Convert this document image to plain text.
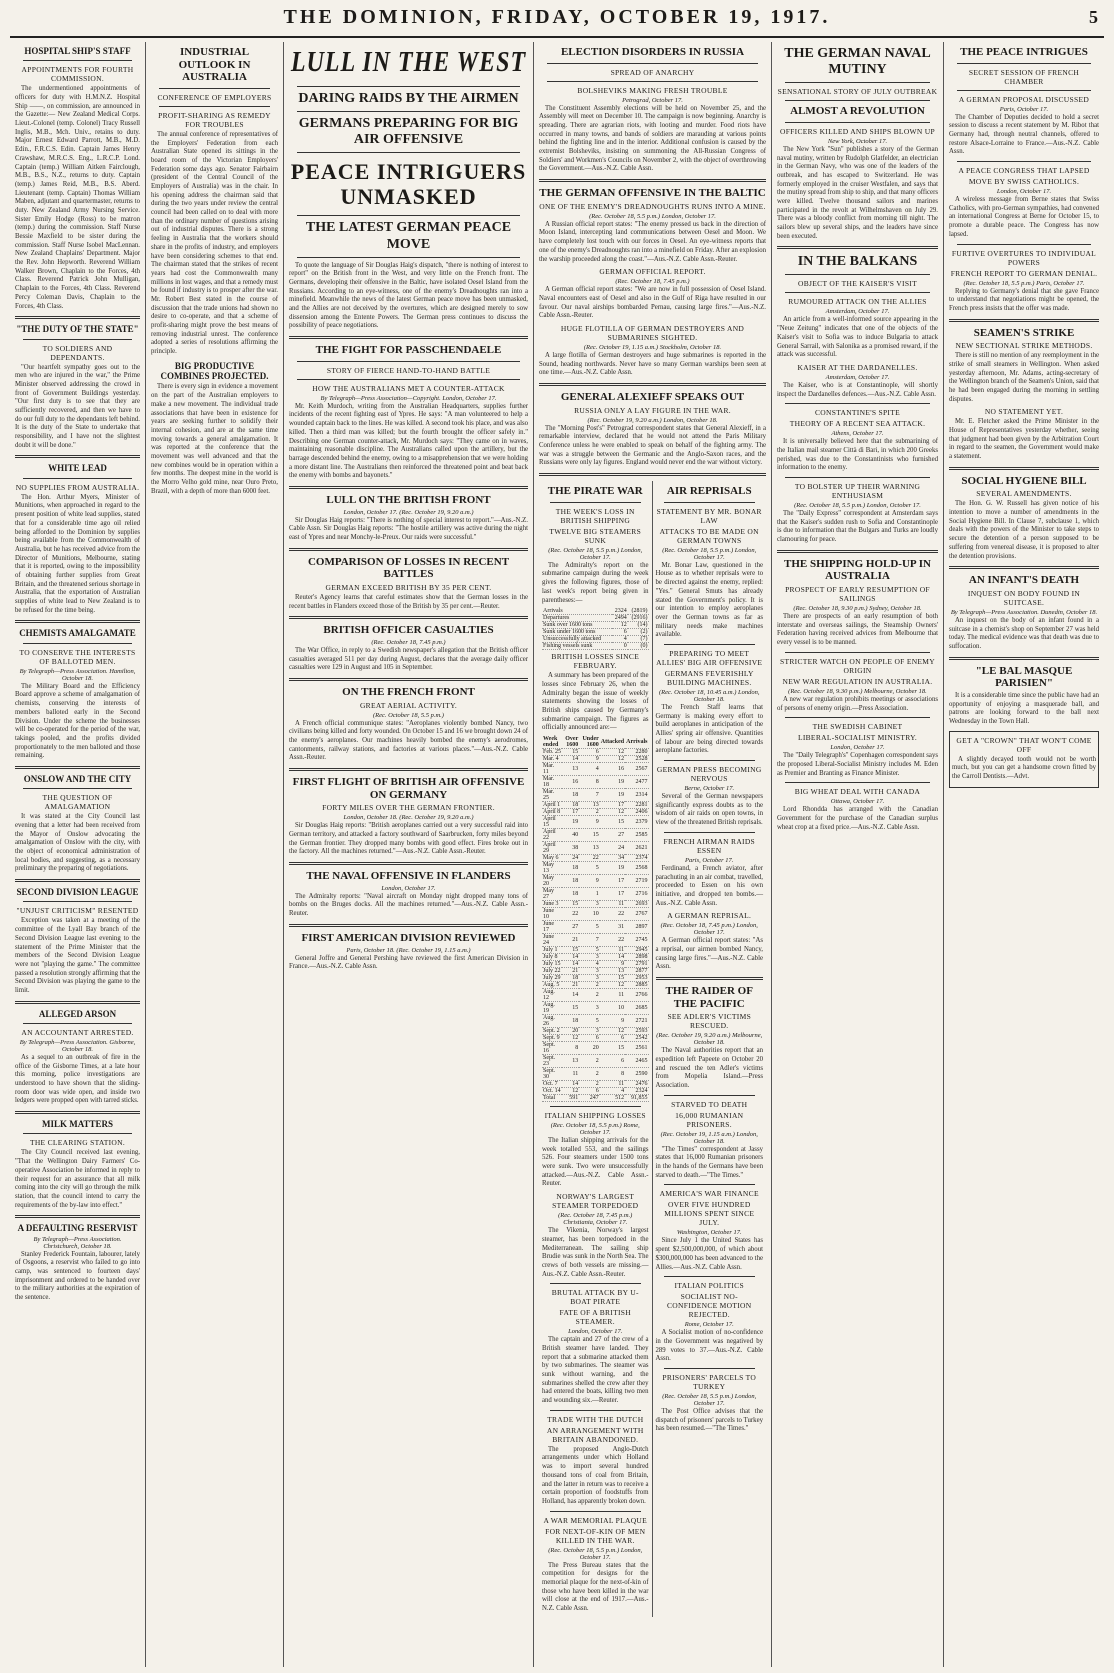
THE DOMINION, FRIDAY, OCTOBER 19, 1917.	5
HOSPITAL SHIP'S STAFF
APPOINTMENTS FOR FOURTH COMMISSION.

The undermentioned appointments of officers for duty with H.M.N.Z. Hospital Ship ——, on commission, are announced in the Gazette:— New Zealand Medical Corps. Lieut.-Colonel (temp. Colonel) Tracy Russell Inglis, M.B., Mch. Univ., retains to duty. Major Ernest Edward Parrott, M.B., M.D. Edin., F.R.C.S. Edin. Captain James Henry Crawshaw, M.R.C.S. Eng., L.R.C.P. Lond. Captain (temp.) William Aitken Fairclough, M.B., B.S., N.Z., returns to duty. Captain (temp.) James Reid, M.B., B.S. Aberd. Lieutenant (temp. Captain) Thomas William Maben, adjutant and quartermaster, returns to duty. New Zealand Army Nursing Service. Sister Emily Hodge (Ross) to be matron (temp.) during the commission. Staff Nurse Bessie Maxfield to be sister during the commission. Staff Nurse Isobel MacLennan. New Zealand Chaplains' Department. Major the Rev. John Hepworth. Reverend William Walker Brown, Chaplain to the Forces, 4th Class. Reverend Patrick John Mulligan, Chaplain to the Forces, 4th Class. Reverend Percy Coleman Davis, Chaplain to the Forces, 4th Class.

"THE DUTY OF THE STATE"
TO SOLDIERS AND DEPENDANTS.

"Our heartfelt sympathy goes out to the men who are injured in the war," the Prime Minister observed addressing the crowd in front of Government Buildings yesterday. "Our first duty is to see that they are sufficiently recovered, and then we have to do our full duty to the dependants left behind. It is the duty of the State to undertake that responsibility, and I have not the slightest doubt it will be done."

WHITE LEAD
NO SUPPLIES FROM AUSTRALIA.

The Hon. Arthur Myers, Minister of Munitions, when approached in regard to the present position of white lead supplies, stated that for a considerable time ago oil relied being afforded to the Dominion by supplies being available from the Commonwealth of Australia, but he has received advice from the Director of Munitions, Melbourne, stating that it is reported, owing to the impossibility of obtaining further supplies from Great Britain, and the threatened serious shortage in Australia, that the exportation of Australian supplies of white lead to New Zealand is to be refused for the time being.

CHEMISTS AMALGAMATE
TO CONSERVE THE INTERESTS OF BALLOTED MEN.
By Telegraph—Press Association. Hamilton, October 18.

The Military Board and the Efficiency Board approve a scheme of amalgamation of chemists, conserving the interests of members balloted early in the Second Division. Under the scheme the businesses will be co-operated for the period of the war, takings pooled, and the profits divided proportionately to the men balloted and those remaining.

ONSLOW AND THE CITY
THE QUESTION OF AMALGAMATION

It was stated at the City Council last evening that a letter had been received from the Mayor of Onslow advocating the amalgamation of Onslow with the city, with the object of economical administration of local bodies, and suggesting, as a necessary preliminary the preparing of negotiations.

SECOND DIVISION LEAGUE
"UNJUST CRITICISM" RESENTED

Exception was taken at a meeting of the committee of the Lyall Bay branch of the Second Division League last evening to the statement of the Prime Minister that the members of the Second Division League were not "playing the game." The committee passed a resolution strongly affirming that the Second Division was playing the game to the limit.

ALLEGED ARSON
AN ACCOUNTANT ARRESTED.
By Telegraph—Press Association. Gisborne, October 18.

As a sequel to an outbreak of fire in the office of the Gisborne Times, at a late hour this morning, police investigations are understood to have shown that the sliding-room door was wide open, and inside two ledgers were propped open with tarred sticks.

MILK MATTERS
THE CLEARING STATION.

The City Council received last evening, "That the Wellington Dairy Farmers' Co-operative Association be informed in reply to their request for an assurance that all milk coming into the city will go through the milk station, that the council intend to carry the requirements of the by-law into effect."

A DEFAULTING RESERVIST
By Telegraph—Press Association. Christchurch, October 18.

Stanley Frederick Fountain, labourer, lately of Osgoons, a reservist who failed to go into camp, was sentenced to fourteen days' imprisonment and ordered to be handed over to the military authorities at the expiration of the sentence.

INDUSTRIAL OUTLOOK IN AUSTRALIA
CONFERENCE OF EMPLOYERS
PROFIT-SHARING AS REMEDY FOR TROUBLES

The annual conference of representatives of the Employers' Federation from each Australian State opened its sittings in the board room of the Victorian Employers' Federation some days ago. Senator Fairbairn (president of the Central Council of the Employers of Australia) was in the chair. In his opening address the chairman said that during the two years under review the central council had been called on to deal with more than the ordinary number of questions arising out of industrial disputes. There is a strong feeling in Australia that the workers should share in the profits of industry, and employers have been considering schemes to that end. The chairman stated that the strikes of recent years had cost the Commonwealth many millions in lost wages, and that a remedy must be found if industry is to prosper after the war. Mr. Robert Best stated in the course of discussion that the trade unions had shown no desire to co-operate, and that a scheme of profit-sharing might prove the best means of removing industrial unrest. The conference adopted a series of resolutions affirming the principle.

BIG PRODUCTIVE COMBINES PROJECTED.

There is every sign in evidence a movement on the part of the Australian employers to make a new movement. The individual trade associations that have been in existence for years are seeking further to solidify their internal cohesion, and are at the same time moving towards a general amalgamation. It was reported at the conference that the movement was well advanced and that the new combines would be in operation within a few months. The deepest mine in the world is the Morro Velho gold mine, near Ouro Preto, Brazil, with a depth of more than 6000 feet.

LULL IN THE WEST
DARING RAIDS BY THE AIRMEN
GERMANS PREPARING FOR BIG AIR OFFENSIVE
PEACE INTRIGUERS UNMASKED
THE LATEST GERMAN PEACE MOVE

To quote the language of Sir Douglas Haig's dispatch, "there is nothing of interest to report" on the British front in the West, and very little on the French front. The Germans, developing their offensive in the Baltic, have isolated Oesel Island from the Russians. According to an eye-witness, one of the enemy's Dreadnoughts ran into a minefield. Meanwhile the news of the latest German peace move has been unmasked, and the Allies are not deceived by the overtures, which are designed merely to sow dissension among the Entente Powers. The German press continues to discuss the possibility of peace negotiations.

THE FIGHT FOR PASSCHENDAELE
STORY OF FIERCE HAND-TO-HAND BATTLE
HOW THE AUSTRALIANS MET A COUNTER-ATTACK
By Telegraph—Press Association—Copyright. London, October 17.

Mr. Keith Murdoch, writing from the Australian Headquarters, supplies further incidents of the recent fighting east of Ypres. He says: "A man volunteered to help a wounded captain back to the lines. He was killed. A second took his place, and was also killed. Then a third man was killed; but the fourth brought the officer safely in." Describing one German counter-attack, Mr. Murdoch says: "They came on in waves, maintaining reasonable discipline. The Australians called upon the artillery, but the barrage descended behind the enemy, owing to a misapprehension that we were holding a more distant line. The Australians then reinforced the threatened point and beat back the enemy with bombs and bayonets."

LULL ON THE BRITISH FRONT
London, October 17. (Rec. October 19, 9.20 a.m.)

Sir Douglas Haig reports: "There is nothing of special interest to report."—Aus.-N.Z. Cable Assn. Sir Douglas Haig reports: "The hostile artillery was active during the night east of Ypres and near Monchy-le-Preux. Our raids were successful."

COMPARISON OF LOSSES IN RECENT BATTLES
GERMAN EXCEED BRITISH BY 35 PER CENT.

Reuter's Agency learns that careful estimates show that the German losses in the recent battles in Flanders exceed those of the British by 35 per cent.—Reuter.

BRITISH OFFICER CASUALTIES
(Rec. October 18, 7.45 p.m.)

The War Office, in reply to a Swedish newspaper's allegation that the British officer casualties averaged 511 per day during August, declares that the average daily officer casualties were 129 in August and 105 in September.

ON THE FRENCH FRONT
GREAT AERIAL ACTIVITY.
(Rec. October 18, 5.5 p.m.)

A French official communique states: "Aeroplanes violently bombed Nancy, two civilians being killed and forty wounded. On October 15 and 16 we brought down 24 of the enemy's aeroplanes. Our machines heavily bombed the enemy's aerodromes, cantonments, railway stations, and factories at various places."—Aus.-N.Z. Cable Assn.-Reuter.

FIRST FLIGHT OF BRITISH AIR OFFENSIVE ON GERMANY
FORTY MILES OVER THE GERMAN FRONTIER.
London, October 18. (Rec. October 19, 9.20 a.m.)

Sir Douglas Haig reports: "British aeroplanes carried out a very successful raid into German territory, and attacked a factory southward of Saarbrucken, forty miles beyond the German frontier. They dropped many bombs with good effect. Fires broke out in the factory. All the machines returned."—Aus.-N.Z. Cable Assn.-Reuter.

THE NAVAL OFFENSIVE IN FLANDERS
London, October 17.

The Admiralty reports: "Naval aircraft on Monday night dropped many tons of bombs on the Bruges docks. All the machines returned."—Aus.-N.Z. Cable Assn.-Reuter.

FIRST AMERICAN DIVISION REVIEWED
Paris, October 18. (Rec. October 19, 1.15 a.m.)

General Joffre and General Pershing have reviewed the first American Division in France.—Aus.-N.Z. Cable Assn.

ELECTION DISORDERS IN RUSSIA
SPREAD OF ANARCHY
BOLSHEVIKS MAKING FRESH TROUBLE
Petrograd, October 17.

The Constituent Assembly elections will be held on November 25, and the Assembly will meet on December 10. The campaign is now beginning. Anarchy is spreading. There are agrarian riots, with looting and murder. Food riots have occurred in many towns, and bands of soldiers are marauding at various points behind the fighting line and in the interior. Additional confusion is caused by the extremist Bolsheviks, insisting on summoning the All-Russian Congress of Soldiers' and Workmen's Councils on November 2, with the object of overthrowing the Government.—Aus.-N.Z. Cable Assn.

THE GERMAN OFFENSIVE IN THE BALTIC
ONE OF THE ENEMY'S DREADNOUGHTS RUNS INTO A MINE.
(Rec. October 18, 5.5 p.m.) London, October 17.

A Russian official report states: "The enemy pressed us back in the direction of Moon Island, intercepting land communications between Oesel and Moon. We have completely lost touch with our forces in Oesel. An eye-witness reports that one of the enemy's Dreadnoughts ran into a minefield on Friday. After an explosion the warship proceeded along the coast."—Aus.-N.Z. Cable Assn.-Reuter.

GERMAN OFFICIAL REPORT.
(Rec. October 18, 7.45 p.m.)

A German official report states: "We are now in full possession of Oesel Island. Naval encounters east of Oesel and also in the Gulf of Riga have resulted in our favour. Our naval airships bombarded Pernau, causing large fires."—Aus.-N.Z. Cable Assn.-Reuter.

HUGE FLOTILLA OF GERMAN DESTROYERS AND SUBMARINES SIGHTED.
(Rec. October 19, 1.15 a.m.) Stockholm, October 18.

A large flotilla of German destroyers and huge submarines is reported in the Sound, heading northwards. Never have so many German warships been seen at one time.—Aus.-N.Z. Cable Assn.

GENERAL ALEXIEFF SPEAKS OUT
RUSSIA ONLY A LAY FIGURE IN THE WAR.
(Rec. October 19, 9.20 a.m.) London, October 18.

The "Morning Post's" Petrograd correspondent states that General Alexieff, in a remarkable interview, declared that he would not attend the Paris Military Conference unless he were enabled to speak on behalf of the fighting army. The war was a struggle between the Germanic and the Anglo-Saxon races, and the Russians were only lay figures. England would never end the war without victory.

THE PIRATE WAR
THE WEEK'S LOSS IN BRITISH SHIPPING
TWELVE BIG STEAMERS SUNK
(Rec. October 18, 5.5 p.m.) London, October 17.

The Admiralty's report on the submarine campaign during the week gives the following figures, those of last week's report being given in parentheses:—

Arrivals	2324	(2819)
Departures	2494	(2916)
Sunk over 1600 tons	12	(14)
Sunk under 1600 tons	6	(2)
Unsuccessfully attacked	4	(7)
Fishing vessels sunk	0	(0)
BRITISH LOSSES SINCE FEBRUARY.

A summary has been prepared of the losses since February 26, when the Admiralty began the issue of weekly statements showing the losses of British ships caused by Germany's submarine campaign. The figures as officially announced are:—

Week ended	Over 1600	Under 1600	Attacked	Arrivals
Feb. 25	15	6	12	2280
Mar. 4	14	9	12	2528
Mar. 11	13	4	16	2567
Mar. 18	16	8	19	2477
Mar. 25	18	7	19	2314
April 1	18	13	17	2281
April 8	17	2	12	2406
April 15	19	9	15	2379
April 22	40	15	27	2585
April 29	38	13	24	2621
May 6	24	22	34	2374
May 13	18	5	19	2568
May 20	18	9	17	2719
May 27	18	1	17	2716
June 3	15	3	11	2693
June 10	22	10	22	2767
June 17	27	5	31	2897
June 24	21	7	22	2745
July 1	15	5	11	2945
July 8	14	3	14	2898
July 15	14	4	9	2791
July 22	21	3	13	2877
July 29	18	3	15	2953
Aug. 5	21	2	12	2885
Aug. 12	14	2	11	2766
Aug. 19	15	3	10	2685
Aug. 26	18	5	9	2721
Sept. 2	20	3	12	2593
Sept. 9	12	6	6	2542
Sept. 16	8	20	15	2561
Sept. 23	13	2	6	2465
Sept. 30	11	2	8	2590
Oct. 7	14	2	11	2476
Oct. 14	12	6	4	2324
Total	591	247	512	91,855
ITALIAN SHIPPING LOSSES
(Rec. October 18, 5.5 p.m.) Rome, October 17.

The Italian shipping arrivals for the week totalled 553, and the sailings 526. Four steamers under 1500 tons were sunk. Two were unsuccessfully attacked.—Aus.-N.Z. Cable Assn.-Reuter.

NORWAY'S LARGEST STEAMER TORPEDOED
(Rec. October 18, 7.45 p.m.) Christiania, October 17.

The Vikenia, Norway's largest steamer, has been torpedoed in the Mediterranean. The sailing ship Brudie was sunk in the North Sea. The crews of both vessels are missing.—Aus.-N.Z. Cable Assn.-Reuter.

BRUTAL ATTACK BY U-BOAT PIRATE
FATE OF A BRITISH STEAMER.
London, October 17.

The captain and 27 of the crew of a British steamer have landed. They report that a submarine attacked them by two submarines. The steamer was sunk without warning, and the submarines shelled the crew after they had entered the boats, killing two men and wounding six.—Reuter.

TRADE WITH THE DUTCH
AN ARRANGEMENT WITH BRITAIN ABANDONED.

The proposed Anglo-Dutch arrangements under which Holland was to import several hundred thousand tons of coal from Britain, and the latter in return was to receive a certain proportion of foodstuffs from Holland, has apparently broken down.

A WAR MEMORIAL PLAQUE
FOR NEXT-OF-KIN OF MEN KILLED IN THE WAR.
(Rec. October 18, 5.5 p.m.) London, October 17.

The Press Bureau states that the competition for designs for the memorial plaque for the next-of-kin of those who have been killed in the war will close at the end of 1917.—Aus.-N.Z. Cable Assn.

AIR REPRISALS
STATEMENT BY MR. BONAR LAW
ATTACKS TO BE MADE ON GERMAN TOWNS
(Rec. October 18, 5.5 p.m.) London, October 17.

Mr. Bonar Law, questioned in the House as to whether reprisals were to be directed against the enemy, replied: "Yes." General Smuts has already stated the Government's policy. It is our intention to employ aeroplanes over the German towns as far as military needs make machines available.

PREPARING TO MEET ALLIES' BIG AIR OFFENSIVE
GERMANS FEVERISHLY BUILDING MACHINES.
(Rec. October 18, 10.45 a.m.) London, October 18.

The French Staff learns that Germany is making every effort to build aeroplanes in anticipation of the Allies' spring air offensive. Quantities of labour are being directed towards aeroplane factories.

GERMAN PRESS BECOMING NERVOUS
Berne, October 17.

Several of the German newspapers significantly express doubts as to the wisdom of air raids on open towns, in view of the threatened British reprisals.

FRENCH AIRMAN RAIDS ESSEN
Paris, October 17.

Ferdinand, a French aviator, after parachuting in an air combat, travelled, proceeded to Essen on his own initiative, and dropped ten bombs.—Aus.-N.Z. Cable Assn.

A GERMAN REPRISAL.
(Rec. October 18, 7.45 p.m.) London, October 17.

A German official report states: "As a reprisal, our airmen bombed Nancy, causing large fires."—Aus.-N.Z. Cable Assn.

THE RAIDER OF THE PACIFIC
SEE ADLER'S VICTIMS RESCUED.
(Rec. October 19, 9.20 a.m.) Melbourne, October 18.

The Naval authorities report that an expedition left Papeete on October 20 and rescued the ten Adler's victims from Mopelia Island.—Press Association.

STARVED TO DEATH
16,000 RUMANIAN PRISONERS.
(Rec. October 19, 1.15 a.m.) London, October 18.

"The Times" correspondent at Jassy states that 16,000 Rumanian prisoners in the hands of the Germans have been starved to death.—"The Times."

AMERICA'S WAR FINANCE
OVER FIVE HUNDRED MILLIONS SPENT SINCE JULY.
Washington, October 17.

Since July 1 the United States has spent $2,500,000,000, of which about $300,000,000 has been advanced to the Allies.—Aus.-N.Z. Cable Assn.

ITALIAN POLITICS
SOCIALIST NO-CONFIDENCE MOTION REJECTED.
Rome, October 17.

A Socialist motion of no-confidence in the Government was negatived by 289 votes to 37.—Aus.-N.Z. Cable Assn.

PRISONERS' PARCELS TO TURKEY
(Rec. October 18, 5.5 p.m.) London, October 17.

The Post Office advises that the dispatch of prisoners' parcels to Turkey has been resumed.—"The Times."

THE GERMAN NAVAL MUTINY
SENSATIONAL STORY OF JULY OUTBREAK
ALMOST A REVOLUTION
OFFICERS KILLED AND SHIPS BLOWN UP
New York, October 17.

The New York "Sun" publishes a story of the German naval mutiny, written by Rudolph Glatfelder, an electrician in the German Navy, who was one of the leaders of the outbreak, and has escaped to Switzerland. He was formerly employed in the cruiser Westfalen, and says that the mutiny spread from ship to ship, and that many officers were killed. Twelve thousand sailors and marines participated in the revolt at Wilhelmshaven on July 29. There was a bloody conflict from morning till night. The sailors blew up several ships, and the leaders have since been executed.

IN THE BALKANS
OBJECT OF THE KAISER'S VISIT
RUMOURED ATTACK ON THE ALLIES
Amsterdam, October 17.

An article from a well-informed source appearing in the "Neue Zeitung" indicates that one of the objects of the Kaiser's visit to Sofia was to induce Bulgaria to attack General Sarrail, with Salonika as a promised reward, if the attack was successful.

KAISER AT THE DARDANELLES.
Amsterdam, October 17.

The Kaiser, who is at Constantinople, will shortly inspect the Dardanelles defences.—Aus.-N.Z. Cable Assn.

CONSTANTINE'S SPITE
THEORY OF A RECENT SEA ATTACK.
Athens, October 17.

It is universally believed here that the submarining of the Italian mail steamer Città di Bari, in which 200 Greeks perished, was due to the Constantinists who furnished information to the enemy.

TO BOLSTER UP THEIR WARNING ENTHUSIASM
(Rec. October 18, 5.5 p.m.) London, October 17.

The "Daily Express" correspondent at Amsterdam says that the Kaiser's sudden rush to Sofia and Constantinople is due to information that the Bulgars and Turks are loudly clamouring for peace.

THE SHIPPING HOLD-UP IN AUSTRALIA
PROSPECT OF EARLY RESUMPTION OF SAILINGS
(Rec. October 18, 9.30 p.m.) Sydney, October 18.

There are prospects of an early resumption of both interstate and overseas sailings, the Steamship Owners' Federation having received advices from Melbourne that every vessel is to be manned.

STRICTER WATCH ON PEOPLE OF ENEMY ORIGIN
NEW WAR REGULATION IN AUSTRALIA.
(Rec. October 18, 9.30 p.m.) Melbourne, October 18.

A new war regulation prohibits meetings or associations of persons of enemy origin.—Press Association.

THE SWEDISH CABINET
LIBERAL-SOCIALIST MINISTRY.
London, October 17.

The "Daily Telegraph's" Copenhagen correspondent says the proposed Liberal-Socialist Ministry includes M. Eden as Premier and Branting as Finance Minister.

BIG WHEAT DEAL WITH CANADA
Ottawa, October 17.

Lord Rhondda has arranged with the Canadian Government for the purchase of the Canadian surplus wheat crop at a fixed price.—Aus.-N.Z. Cable Assn.

THE PEACE INTRIGUES
SECRET SESSION OF FRENCH CHAMBER
A GERMAN PROPOSAL DISCUSSED
Paris, October 17.

The Chamber of Deputies decided to hold a secret session to discuss a recent statement by M. Ribot that Germany had, through neutral channels, offered to restore Alsace-Lorraine to France.—Aus.-N.Z. Cable Assn.

A PEACE CONGRESS THAT LAPSED
MOVE BY SWISS CATHOLICS.
London, October 17.

A wireless message from Berne states that Swiss Catholics, with pro-German sympathies, had convened an international Congress at Berne for October 15, to promote a durable peace. The Congress has now lapsed.

FURTIVE OVERTURES TO INDIVIDUAL POWERS
FRENCH REPORT TO GERMAN DENIAL.
(Rec. October 18, 5.5 p.m.) Paris, October 17.

Replying to Germany's denial that she gave France to understand that negotiations might be opened, the French press insists that the offer was made.

SEAMEN'S STRIKE
NEW SECTIONAL STRIKE METHODS.

There is still no mention of any reemployment in the strike of small steamers in Wellington. When asked yesterday afternoon, Mr. Adams, acting-secretary of the Wellington branch of the Seamen's Union, said that he had been engaged during the morning in settling disputes.

NO STATEMENT YET.

Mr. E. Fletcher asked the Prime Minister in the House of Representatives yesterday whether, seeing that judgment had been given by the Arbitration Court in regard to the seamen, the Government would make a statement.

SOCIAL HYGIENE BILL
SEVERAL AMENDMENTS.

The Hon. G. W. Russell has given notice of his intention to move a number of amendments in the Social Hygiene Bill. In Clause 7, subclause 1, which deals with the powers of the Minister to take steps to secure the detention of a person supposed to be suffering from venereal disease, it is proposed to alter the detention provisions.

AN INFANT'S DEATH
INQUEST ON BODY FOUND IN SUITCASE.
By Telegraph—Press Association. Dunedin, October 18.

An inquest on the body of an infant found in a suitcase in a chemist's shop on September 27 was held today. The medical evidence was that death was due to suffocation.

"LE BAL MASQUE PARISIEN"

It is a considerable time since the public have had an opportunity of enjoying a masquerade ball, and patrons are looking forward to the ball next Wednesday in the Town Hall.

GET A "CROWN" THAT WON'T COME OFF

A slightly decayed tooth would not be worth much, but you can get a handsome crown fitted by the Carroll Dentists.—Advt.
